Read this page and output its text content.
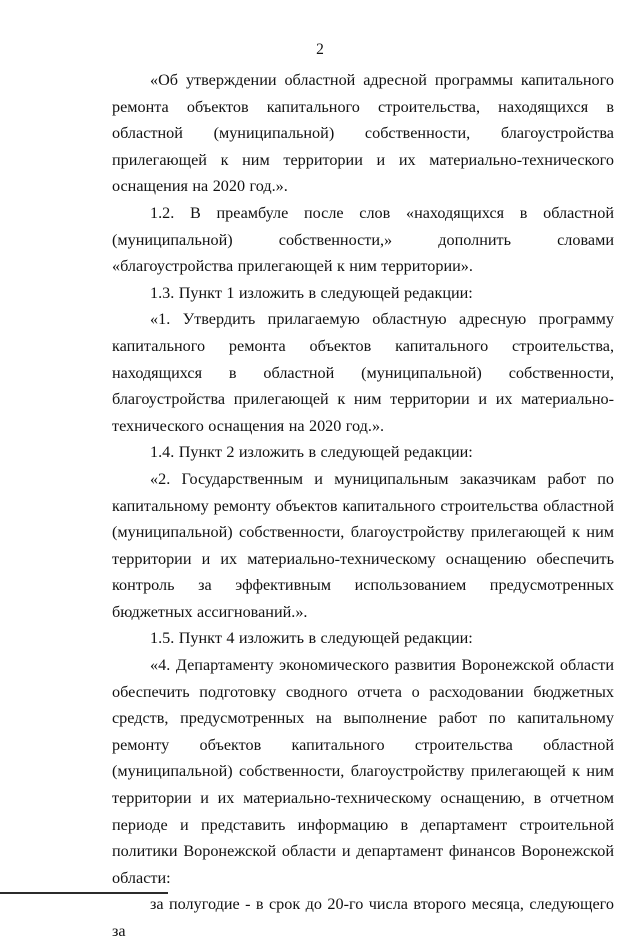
2

«Об утверждении областной адресной программы капитального ремонта объектов капитального строительства, находящихся в областной (муниципальной) собственности, благоустройства прилегающей к ним территории и их материально-технического оснащения на 2020 год.».

1.2. В преамбуле после слов «находящихся в областной (муниципальной) собственности,» дополнить словами «благоустройства прилегающей к ним территории».

1.3. Пункт 1 изложить в следующей редакции:

«1. Утвердить прилагаемую областную адресную программу капитального ремонта объектов капитального строительства, находящихся в областной (муниципальной) собственности, благоустройства прилегающей к ним территории и их материально-технического оснащения на 2020 год.».

1.4. Пункт 2 изложить в следующей редакции:

«2. Государственным и муниципальным заказчикам работ по капитальному ремонту объектов капитального строительства областной (муниципальной) собственности, благоустройству прилегающей к ним территории и их материально-техническому оснащению обеспечить контроль за эффективным использованием предусмотренных бюджетных ассигнований.».

1.5. Пункт 4 изложить в следующей редакции:

«4. Департаменту экономического развития Воронежской области обеспечить подготовку сводного отчета о расходовании бюджетных средств, предусмотренных на выполнение работ по капитальному ремонту объектов капитального строительства областной (муниципальной) собственности, благоустройству прилегающей к ним территории и их материально-техническому оснащению, в отчетном периоде и представить информацию в департамент строительной политики Воронежской области и департамент финансов Воронежской области:

за полугодие - в срок до 20-го числа второго месяца, следующего за
